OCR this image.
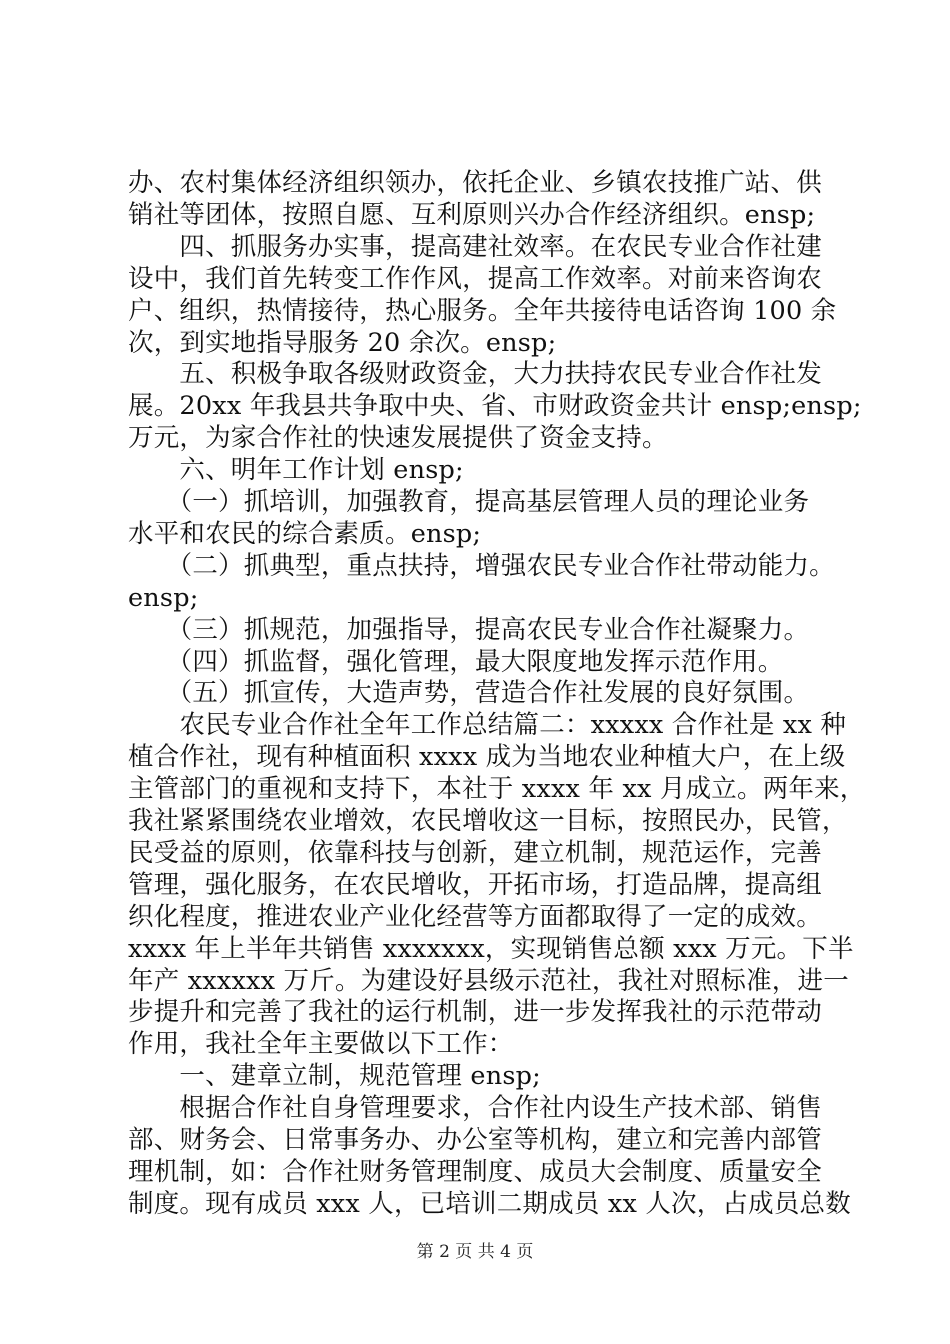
办、农村集体经济组织领办，依托企业、乡镇农技推广站、供
销社等团体，按照自愿、互利原则兴办合作经济组织。ensp;
　　四、抓服务办实事，提高建社效率。在农民专业合作社建
设中，我们首先转变工作作风，提高工作效率。对前来咨询农
户、组织，热情接待，热心服务。全年共接待电话咨询 100 余
次，到实地指导服务 20 余次。ensp;
　　五、积极争取各级财政资金，大力扶持农民专业合作社发
展。20xx 年我县共争取中央、省、市财政资金共计 ensp;ensp;
万元，为家合作社的快速发展提供了资金支持。
　　六、明年工作计划 ensp;
　　（一）抓培训，加强教育，提高基层管理人员的理论业务
水平和农民的综合素质。ensp;
　　（二）抓典型，重点扶持，增强农民专业合作社带动能力。
ensp;
　　（三）抓规范，加强指导，提高农民专业合作社凝聚力。
　　（四）抓监督，强化管理，最大限度地发挥示范作用。
　　（五）抓宣传，大造声势，营造合作社发展的良好氛围。
　　农民专业合作社全年工作总结篇二：xxxxx 合作社是 xx 种
植合作社，现有种植面积 xxxx 成为当地农业种植大户，在上级
主管部门的重视和支持下，本社于 xxxx 年 xx 月成立。两年来，
我社紧紧围绕农业增效，农民增收这一目标，按照民办，民管，
民受益的原则，依靠科技与创新，建立机制，规范运作，完善
管理，强化服务，在农民增收，开拓市场，打造品牌，提高组
织化程度，推进农业产业化经营等方面都取得了一定的成效。
xxxx 年上半年共销售 xxxxxxx，实现销售总额 xxx 万元。下半
年产 xxxxxx 万斤。为建设好县级示范社，我社对照标准，进一
步提升和完善了我社的运行机制，进一步发挥我社的示范带动
作用，我社全年主要做以下工作：
　　一、建章立制，规范管理 ensp;
　　根据合作社自身管理要求，合作社内设生产技术部、销售
部、财务会、日常事务办、办公室等机构，建立和完善内部管
理机制，如：合作社财务管理制度、成员大会制度、质量安全
制度。现有成员 xxx 人，已培训二期成员 xx 人次，占成员总数
第 2 页 共 4 页
